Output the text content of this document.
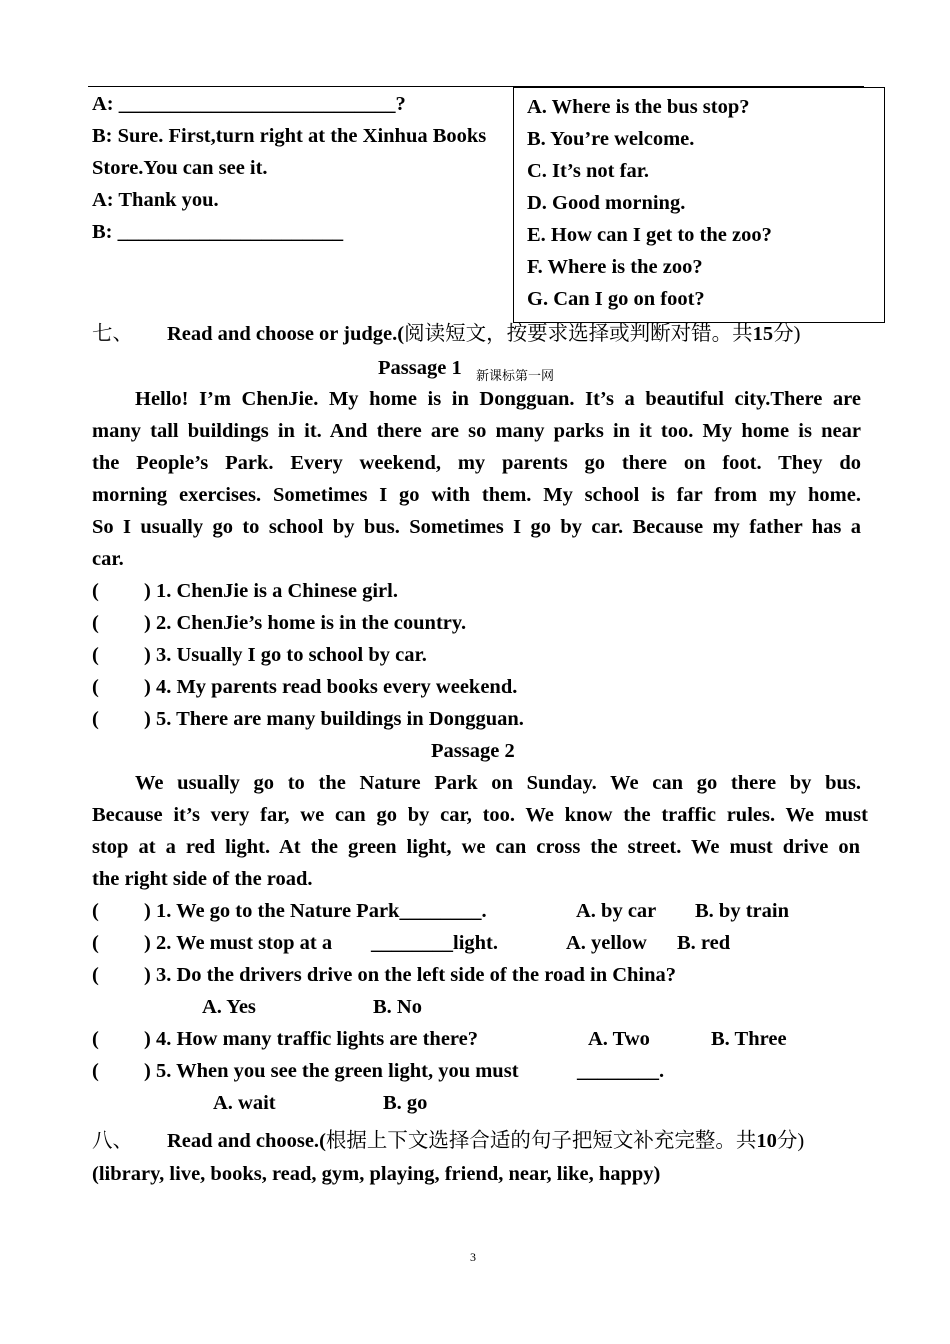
A: ___________________________?
B: Sure. First,turn right at the Xinhua Books
Store.You can see it.
A: Thank you.
B: ______________________
A. Where is the bus stop?
B. You’re welcome.
C. It’s not far.
D. Good morning.
E. How can I get to the zoo?
F. Where is the zoo?
G. Can I go on foot?
七、 Read and choose or judge.(阅读短文，按要求选择或判断对错。共15分)
Passage 1 新课标第一网
Hello! I’m ChenJie. My home is in Dongguan. It’s a beautiful city.There are
many tall buildings in it. And there are so many parks in it too. My home is near
the People’s Park. Every weekend, my parents go there on foot. They do
morning exercises. Sometimes I go with them. My school is far from my home.
So I usually go to school by bus. Sometimes I go by car. Because my father has a
car.
( ) 1. ChenJie is a Chinese girl.
( ) 2. ChenJie’s home is in the country.
( ) 3. Usually I go to school by car.
( ) 4. My parents read books every weekend.
( ) 5. There are many buildings in Dongguan.
Passage 2
We usually go to the Nature Park on Sunday. We can go there by bus.
Because it’s very far, we can go by car, too. We know the traffic rules. We must
stop at a red light. At the green light, we can cross the street. We must drive on
the right side of the road.
( ) 1. We go to the Nature Park________.	A. by car B. by train
( ) 2. We must stop at a ________light.	A. yellow B. red
( ) 3. Do the drivers drive on the left side of the road in China?
A. Yes	B. No
( ) 4. How many traffic lights are there?	A. Two	B. Three
( ) 5. When you see the green light, you must	________.
A. wait	B. go
八、 Read and choose.(根据上下文选择合适的句子把短文补充完整。共10分)
(library, live, books, read, gym, playing, friend, near, like, happy)
3
